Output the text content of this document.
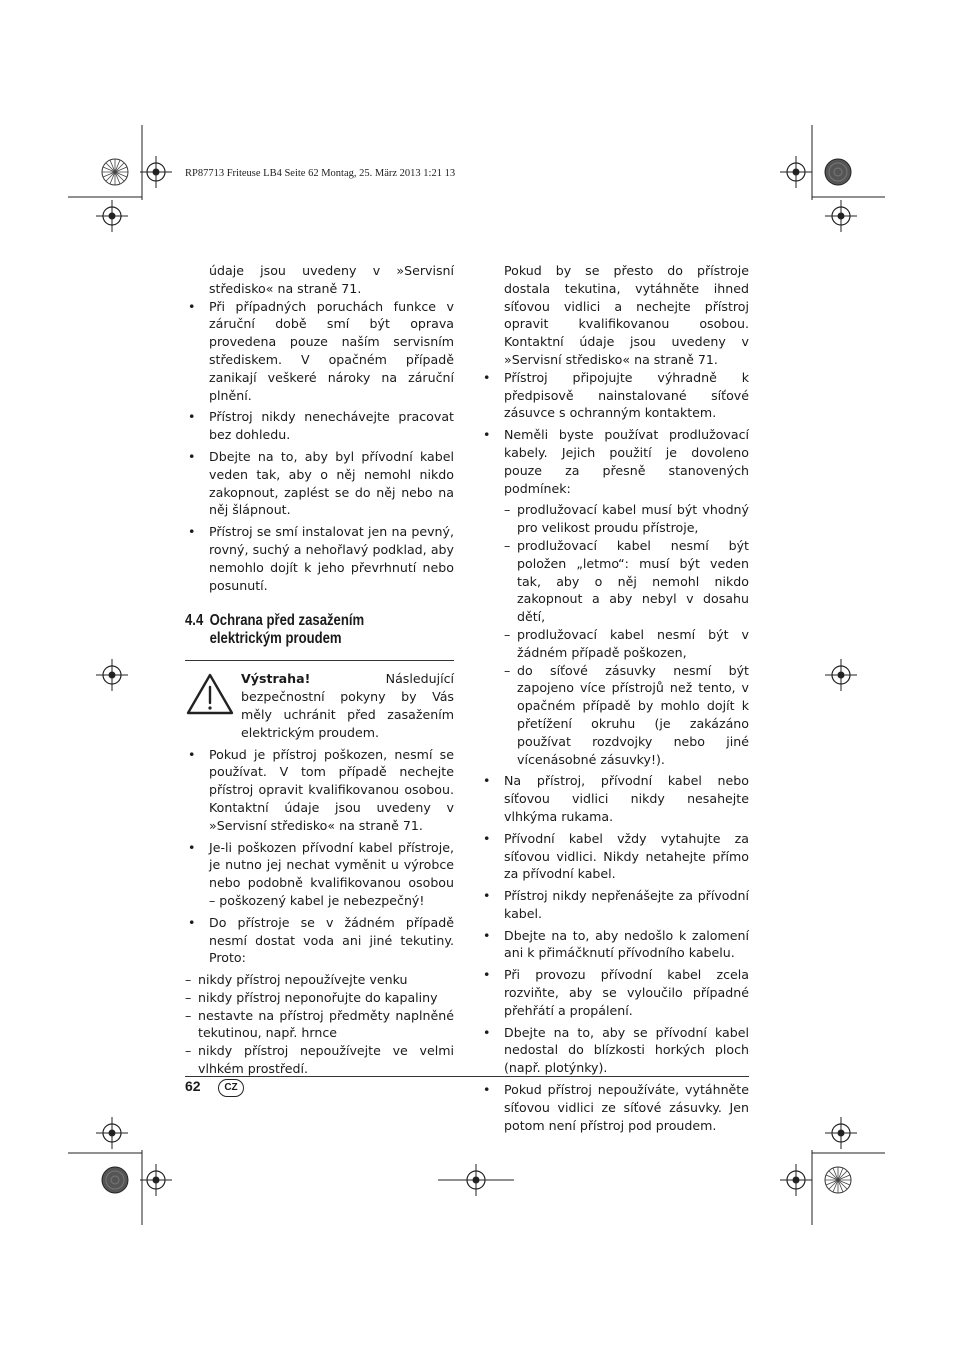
RP87713 Friteuse LB4 Seite 62 Montag, 25. März 2013 1:21 13

údaje jsou uvedeny v »Servisní středisko« na straně 71.

• Při případných poruchách funkce v záruční době smí být oprava provedena pouze naším servisním střediskem. V opačném případě zanikají veškeré nároky na záruční plnění.
• Přístroj nikdy nenechávejte pracovat bez dohledu.
• Dbejte na to, aby byl přívodní kabel veden tak, aby o něj nemohl nikdo zakopnout, zaplést se do něj nebo na něj šlápnout.
• Přístroj se smí instalovat jen na pevný, rovný, suchý a nehořlavý podklad, aby nemohlo dojít k jeho převrhnutí nebo posunutí.
4.4 Ochrana před zasažením
elektrickým proudem
Výstraha!	Následující bezpečnostní pokyny by Vás měly uchránit před zasažením elektrickým proudem.
• Pokud je přístroj poškozen, nesmí se používat. V tom případě nechejte přístroj opravit kvalifikovanou osobou. Kontaktní údaje jsou uvedeny v »Servisní středisko« na straně 71.
• Je-li poškozen přívodní kabel přístroje, je nutno jej nechat vyměnit u výrobce nebo podobně kvalifikovanou osobou – poškozený kabel je nebezpečný!
• Do přístroje se v žádném případě nesmí dostat voda ani jiné tekutiny. Proto:
– nikdy přístroj nepoužívejte venku
– nikdy přístroj neponořujte do kapaliny
– nestavte na přístroj předměty naplněné tekutinou, např. hrnce
– nikdy přístroj nepoužívejte ve velmi vlhkém prostředí.

Pokud by se přesto do přístroje dostala tekutina, vytáhněte ihned síťovou vidlici a nechejte přístroj opravit kvalifikovanou osobou. Kontaktní údaje jsou uvedeny v »Servisní středisko« na straně 71.

• Přístroj připojujte výhradně k předpisově nainstalované síťové zásuvce s ochranným kontaktem.
• Neměli byste používat prodlužovací kabely. Jejich použití je dovoleno pouze za přesně stanovených podmínek:
– prodlužovací kabel musí být vhodný pro velikost proudu přístroje,
– prodlužovací kabel nesmí být položen „letmo“: musí být veden tak, aby o něj nemohl nikdo zakopnout a aby nebyl v dosahu dětí,
– prodlužovací kabel nesmí být v žádném případě poškozen,
– do síťové zásuvky nesmí být zapojeno více přístrojů než tento, v opačném případě by mohlo dojít k přetížení okruhu (je zakázáno používat rozdvojky nebo jiné vícenásobné zásuvky!).
• Na přístroj, přívodní kabel nebo síťovou vidlici nikdy nesahejte vlhkýma rukama.
• Přívodní kabel vždy vytahujte za síťovou vidlici. Nikdy netahejte přímo za přívodní kabel.
• Přístroj nikdy nepřenášejte za přívodní kabel.
• Dbejte na to, aby nedošlo k zalomení ani k přimáčknutí přívodního kabelu.
• Při provozu přívodní kabel zcela rozviňte, aby se vyloučilo případné přehřátí a propálení.
• Dbejte na to, aby se přívodní kabel nedostal do blízkosti horkých ploch (např. plotýnky).
• Pokud přístroj nepoužíváte, vytáhněte síťovou vidlici ze síťové zásuvky. Jen potom není přístroj pod proudem.
62	CZ
